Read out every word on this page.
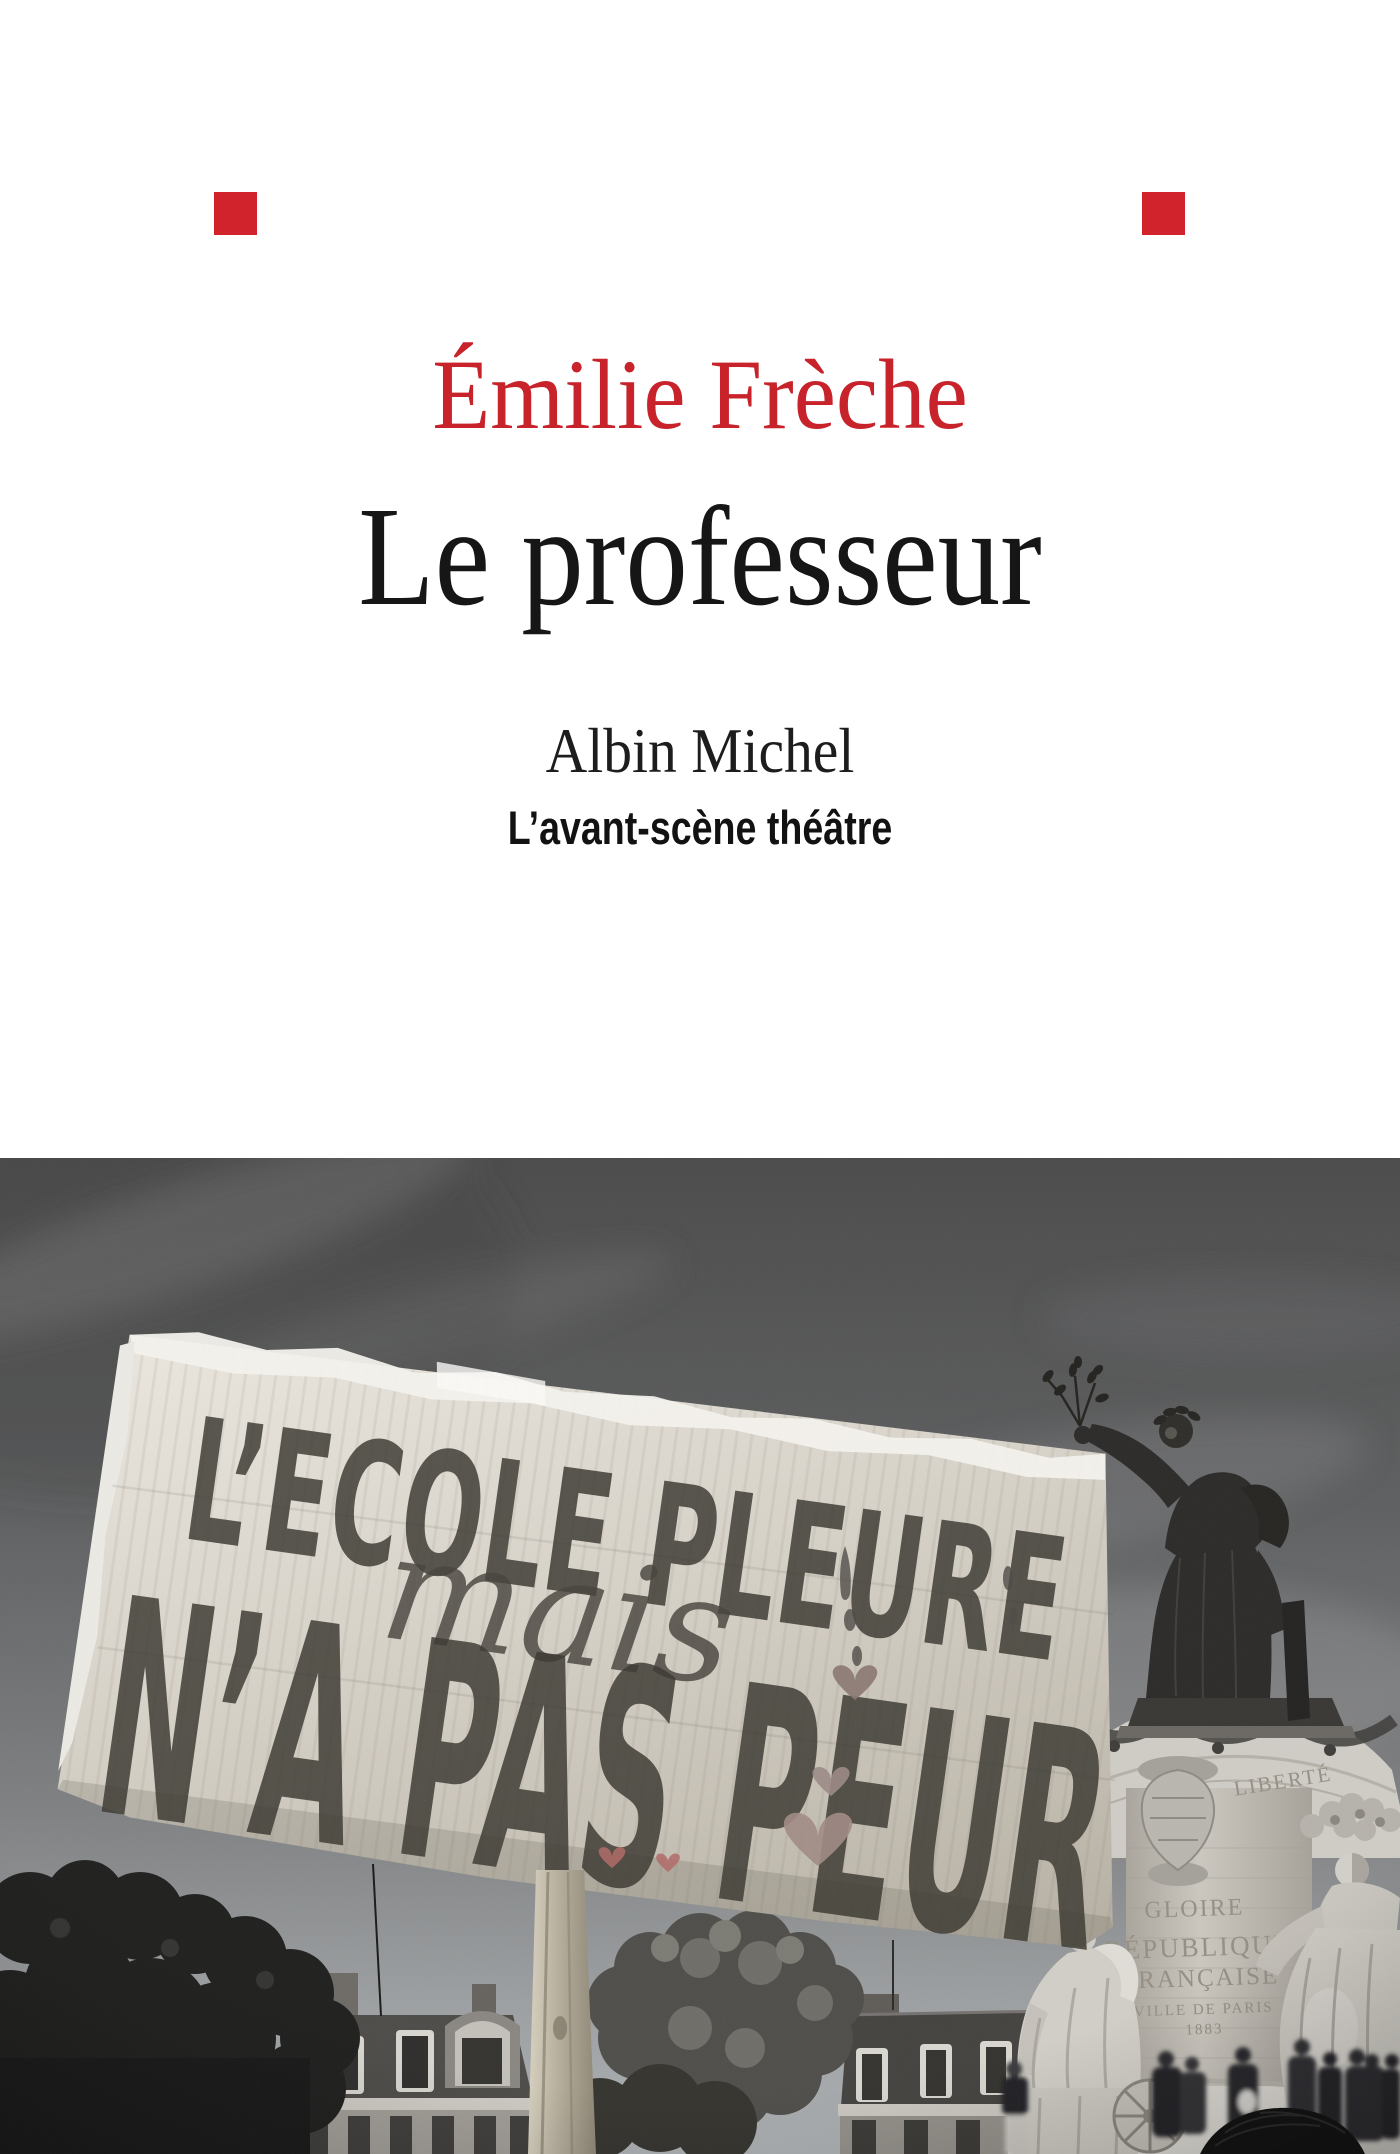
Émilie Frèche
Le professeur
Albin Michel
L’avant-scène théâtre
